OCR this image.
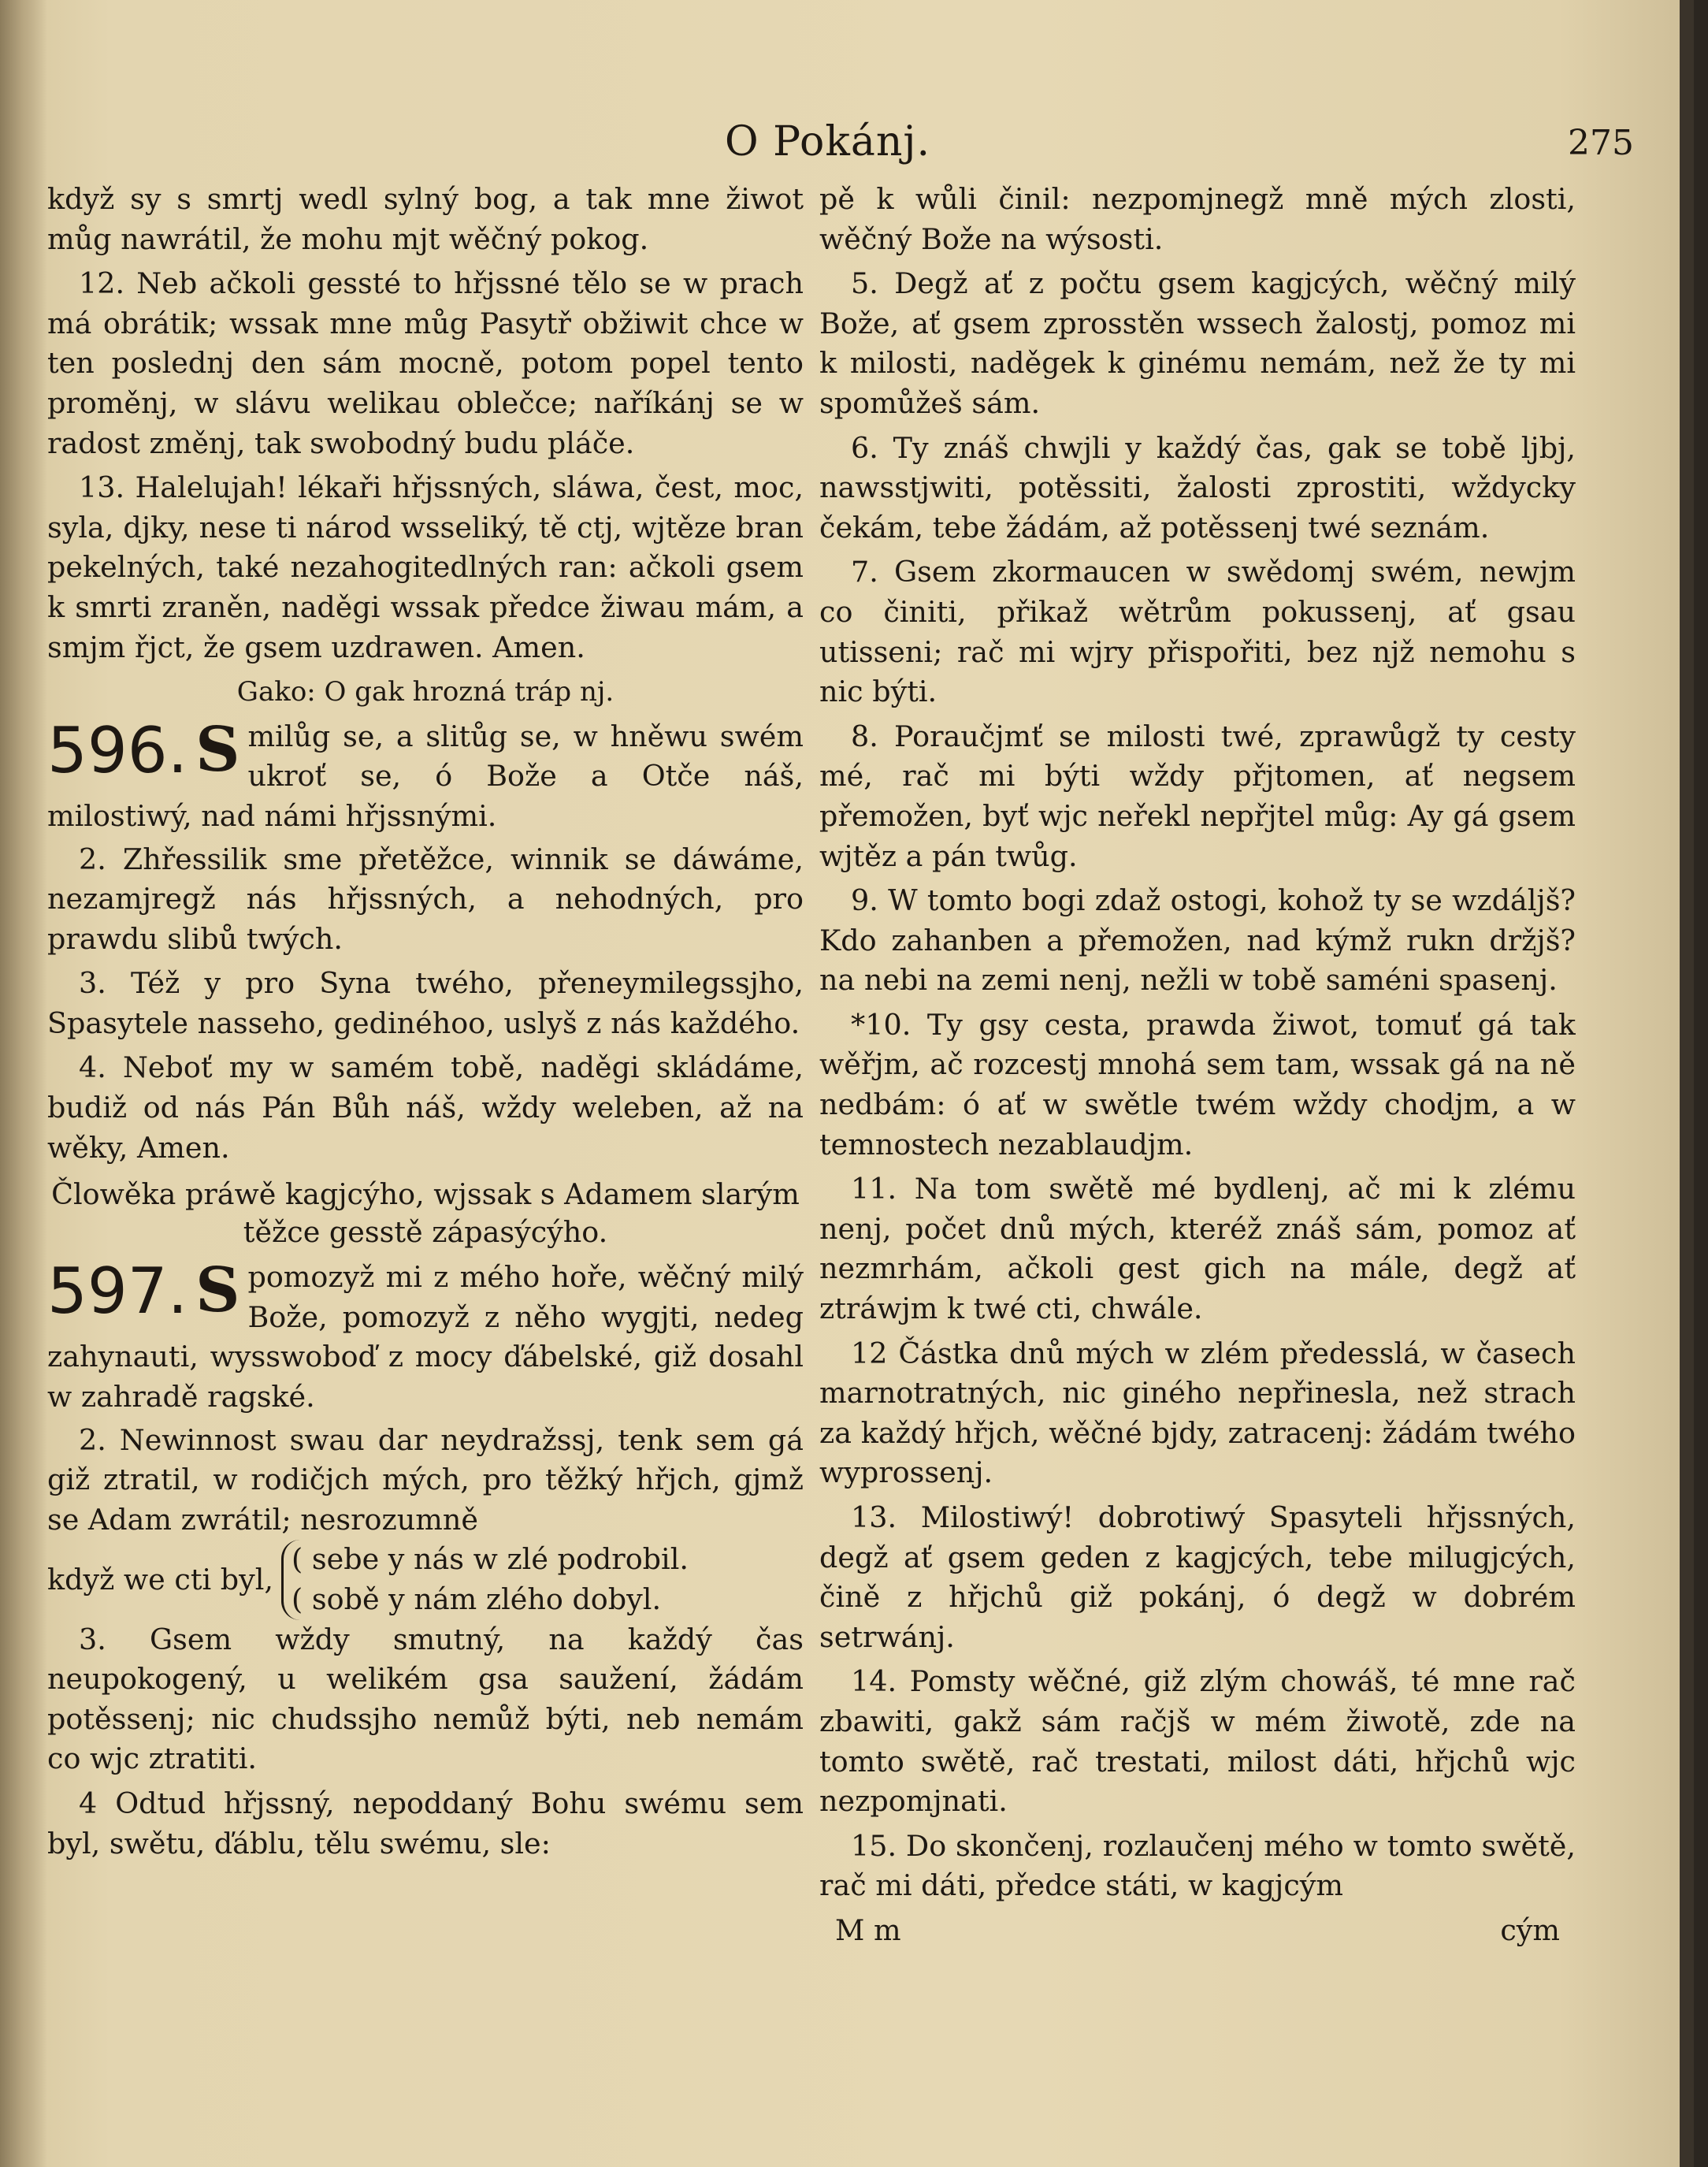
O Pokánj.	275

když sy s smrtj wedl sylný bog, a tak mne žiwot můg nawrátil, že mohu mjt wěčný pokog.

12. Neb ačkoli gessté to hřjssné tělo se w prach má obrátik; wssak mne můg Pasytř obžiwit chce w ten poslednj den sám mocně, potom popel tento proměnj, w slávu welikau oblečce; naříkánj se w radost změnj, tak swobodný budu pláče.

13. Halelujah! lékaři hřjssných, sláwa, čest, moc, syla, djky, nese ti národ wsseliký, tě ctj, wjtěze bran pekelných, také nezahogitedlných ran: ačkoli gsem k smrti zraněn, naděgi wssak předce žiwau mám, a smjm řjct, že gsem uzdrawen. Amen.

Gako: O gak hrozná tráp nj.
596. S milůg se, a slitůg se, w hněwu swém ukroť se, ó Bože a Otče náš, milostiwý, nad námi hřjssnými.

2. Zhřessilik sme přetěžce, winnik se dáwáme, nezamjregž nás hřjssných, a nehodných, pro prawdu slibů twých.

3. Též y pro Syna twého, přeneymilegssjho, Spasytele nasseho, gedinéhoo, uslyš z nás každého.

4. Neboť my w samém tobě, naděgi skládáme, budiž od nás Pán Bůh náš, wždy weleben, až na wěky, Amen.

Člowěka práwě kagjcýho, wjssak s Adamem slarým těžce gesstě zápasýcýho.
597. S pomozyž mi z mého hoře, wěčný milý Bože, pomozyž z něho wygjti, nedeg zahynauti, wysswoboď z mocy ďábelské, giž dosahl w zahradě ragské.

2. Newinnost swau dar neydražssj, tenk sem gá giž ztratil, w rodičjch mých, pro těžký hřjch, gjmž se Adam zwrátil; nesrozumně

když we cti byl,
( sebe y nás w zlé podrobil.
( sobě y nám zlého dobyl.

3. Gsem wždy smutný, na každý čas neupokogený, u welikém gsa saužení, žádám potěssenj; nic chudssjho nemůž býti, neb nemám co wjc ztratiti.

4 Odtud hřjssný, nepoddaný Bohu swému sem byl, swětu, ďáblu, tělu swému, sle:

pě k wůli činil: nezpomjnegž mně mých zlosti, wěčný Bože na wýsosti.

5. Degž ať z počtu gsem kagjcých, wěčný milý Bože, ať gsem zprosstěn wssech žalostj, pomoz mi k milosti, naděgek k ginému nemám, než že ty mi spomůžeš sám.

6. Ty znáš chwjli y každý čas, gak se tobě ljbj, nawsstjwiti, potěssiti, žalosti zprostiti, wždycky čekám, tebe žádám, až potěssenj twé seznám.

7. Gsem zkormaucen w swědomj swém, newjm co činiti, přikaž wětrům pokussenj, ať gsau utisseni; rač mi wjry přispořiti, bez njž nemohu s nic býti.

8. Poraučjmť se milosti twé, zprawůgž ty cesty mé, rač mi býti wždy přjtomen, ať negsem přemožen, byť wjc neřekl nepřjtel můg: Ay gá gsem wjtěz a pán twůg.

9. W tomto bogi zdaž ostogi, kohož ty se wzdáljš? Kdo zahanben a přemožen, nad kýmž rukn držjš? na nebi na zemi nenj, nežli w tobě saméni spasenj.

*10. Ty gsy cesta, prawda žiwot, tomuť gá tak wěřjm, ač rozcestj mnohá sem tam, wssak gá na ně nedbám: ó ať w swětle twém wždy chodjm, a w temnostech nezablaudjm.

11. Na tom swětě mé bydlenj, ač mi k zlému nenj, počet dnů mých, kteréž znáš sám, pomoz ať nezmrhám, ačkoli gest gich na mále, degž ať ztráwjm k twé cti, chwále.

12 Částka dnů mých w zlém předesslá, w časech marnotratných, nic giného nepřinesla, než strach za každý hřjch, wěčné bjdy, zatracenj: žádám twého wyprossenj.

13. Milostiwý! dobrotiwý Spasyteli hřjssných, degž ať gsem geden z kagjcých, tebe milugjcých, čině z hřjchů giž pokánj, ó degž w dobrém setrwánj.

14. Pomsty wěčné, giž zlým chowáš, té mne rač zbawiti, gakž sám račjš w mém žiwotě, zde na tomto swětě, rač trestati, milost dáti, hřjchů wjc nezpomjnati.

15. Do skončenj, rozlaučenj mého w tomto swětě, rač mi dáti, předce státi, w kagjcým

M m	cým
